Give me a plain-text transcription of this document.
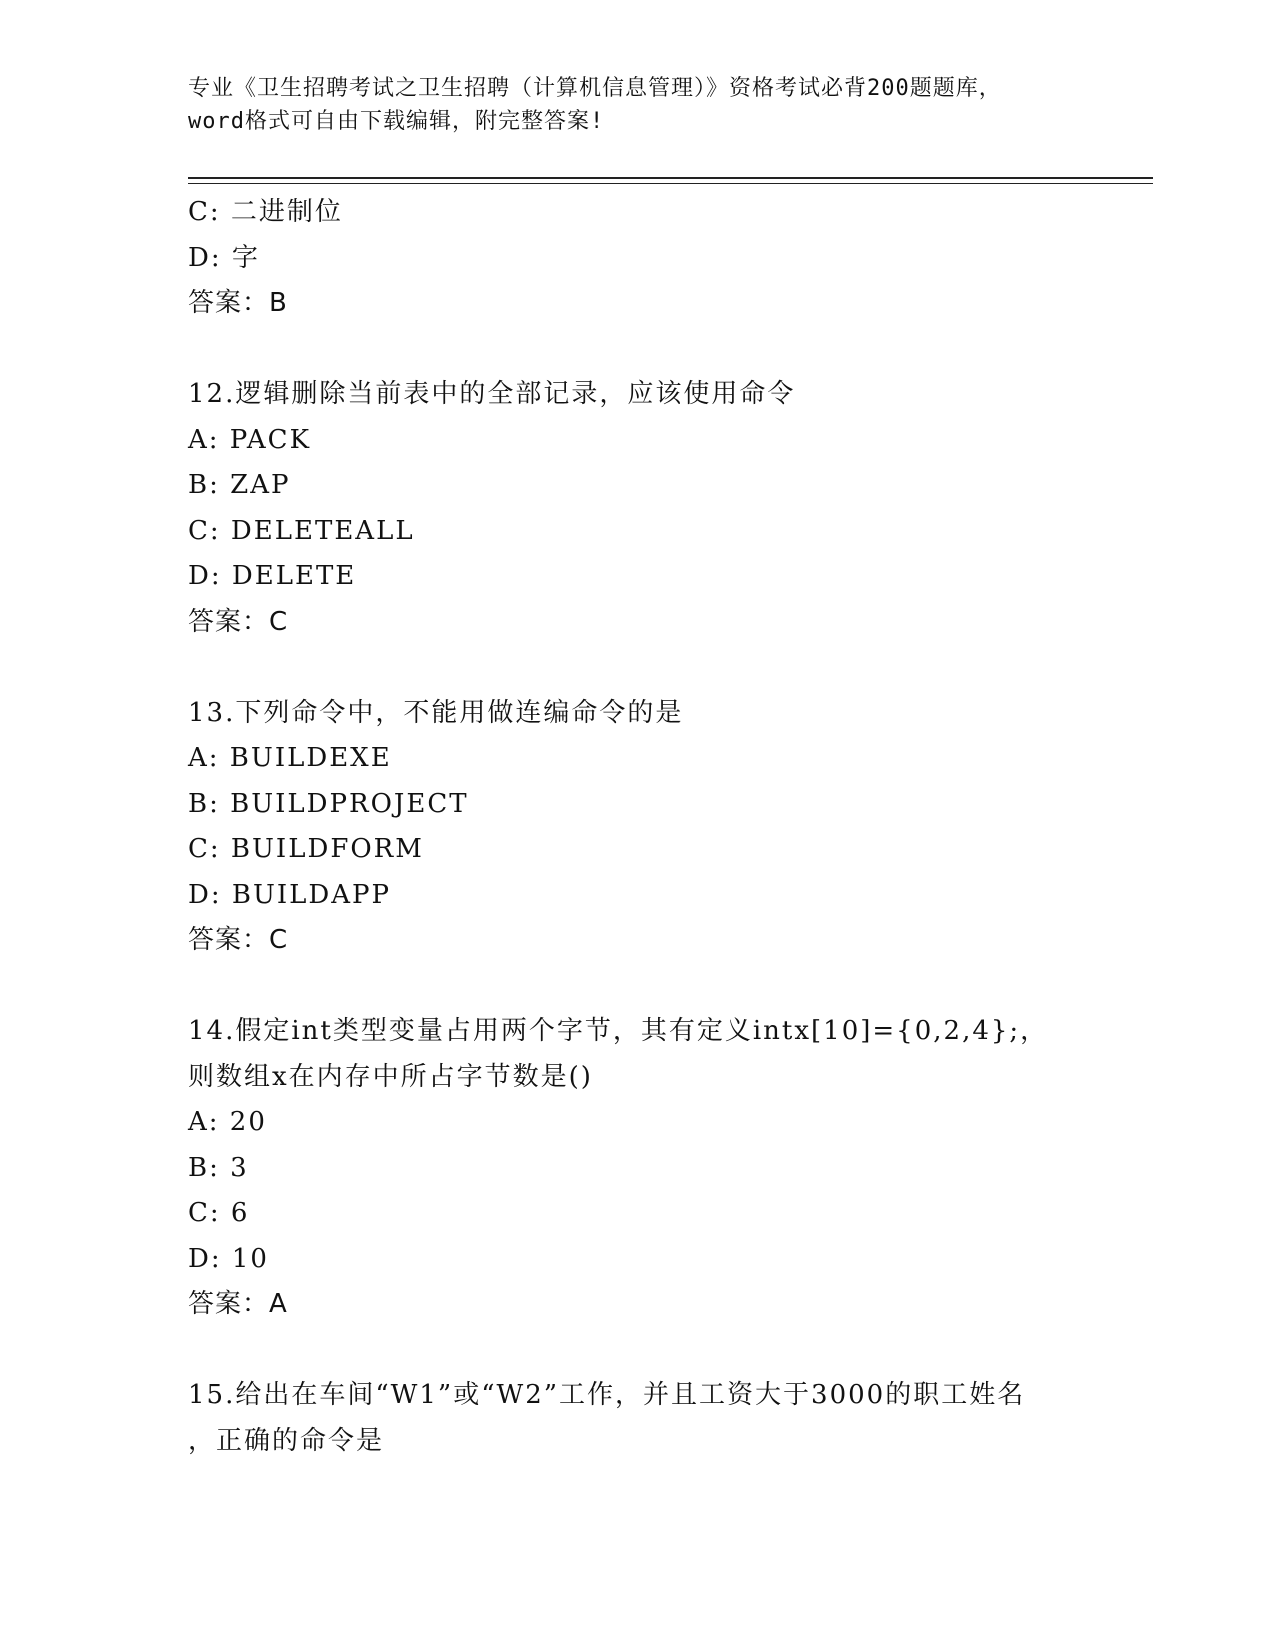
专业《卫生招聘考试之卫生招聘（计算机信息管理）》资格考试必背200题题库，
word格式可自由下载编辑，附完整答案!
C: 二进制位
D: 字
答案：B
12.逻辑删除当前表中的全部记录，应该使用命令
A: PACK
B: ZAP
C: DELETEALL
D: DELETE
答案：C
13.下列命令中，不能用做连编命令的是
A: BUILDEXE
B: BUILDPROJECT
C: BUILDFORM
D: BUILDAPP
答案：C
14.假定int类型变量占用两个字节，其有定义intx[10]={0,2,4};，
则数组x在内存中所占字节数是()
A: 20
B: 3
C: 6
D: 10
答案：A
15.给出在车间“W1”或“W2”工作，并且工资大于3000的职工姓名
，正确的命令是
